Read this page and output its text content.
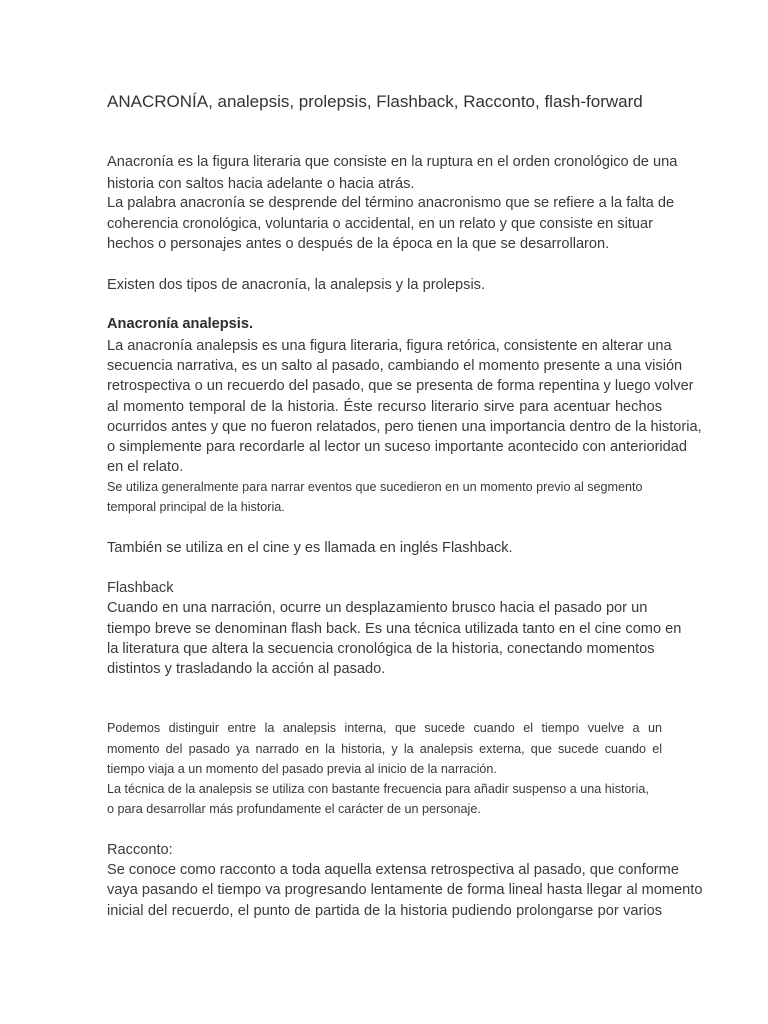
ANACRONÍA, analepsis, prolepsis, Flashback, Racconto, flash-forward

Anacronía es la figura literaria que consiste en la ruptura en el orden cronológico de una

historia con saltos hacia adelante o hacia atrás.

La palabra anacronía se desprende del término anacronismo que se refiere a la falta de

coherencia cronológica, voluntaria o accidental, en un relato y que consiste en situar

hechos o personajes antes o después de la época en la que se desarrollaron.

Existen dos tipos de anacronía, la analepsis y la prolepsis.

Anacronía analepsis.

La anacronía analepsis es una figura literaria, figura retórica, consistente en alterar una

secuencia narrativa, es un salto al pasado, cambiando el momento presente a una visión

retrospectiva o un recuerdo del pasado, que se presenta de forma repentina y luego volver

al momento temporal de la historia. Éste recurso literario sirve para acentuar hechos

ocurridos antes y que no fueron relatados, pero tienen una importancia dentro de la historia,

o simplemente para recordarle al lector un suceso importante acontecido con anterioridad

en el relato.

Se utiliza generalmente para narrar eventos que sucedieron en un momento previo al segmento

temporal principal de la historia.

También se utiliza en el cine y es llamada en inglés Flashback.

Flashback

Cuando en una narración, ocurre un desplazamiento brusco hacia el pasado por un

tiempo breve se denominan flash back. Es una técnica utilizada tanto en el cine como en

la literatura que altera la secuencia cronológica de la historia, conectando momentos

distintos y trasladando la acción al pasado.

Podemos distinguir entre la analepsis interna, que sucede cuando el tiempo vuelve a un

momento del pasado ya narrado en la historia, y la analepsis externa, que sucede cuando el

tiempo viaja a un momento del pasado previa al inicio de la narración.

La técnica de la analepsis se utiliza con bastante frecuencia para añadir suspenso a una historia,

o para desarrollar más profundamente el carácter de un personaje.

Racconto:

Se conoce como racconto a toda aquella extensa retrospectiva al pasado, que conforme

vaya pasando el tiempo va progresando lentamente de forma lineal hasta llegar al momento

inicial del recuerdo, el punto de partida de la historia pudiendo prolongarse por varios
